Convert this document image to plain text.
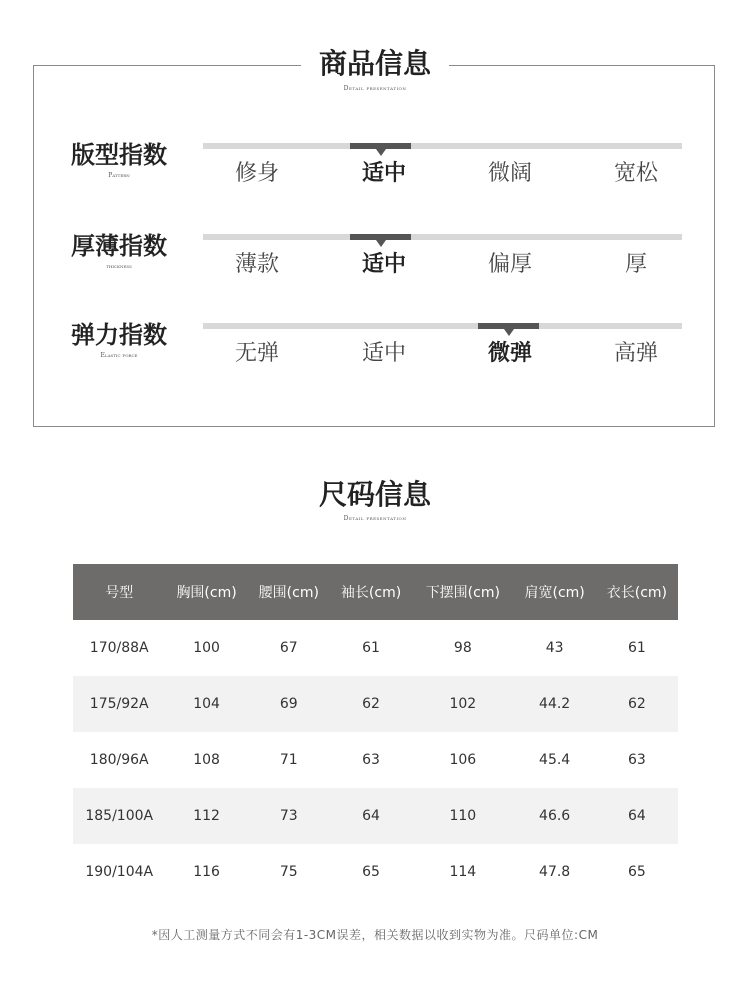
商品信息
Detail presentation
版型指数
Pattern	修身	适中	微阔	宽松
厚薄指数
thickness	薄款	适中	偏厚	厚
弹力指数
Elastic force	无弹	适中	微弹	高弹
尺码信息
Detail presentation
号型	胸围(cm)	腰围(cm)	袖长(cm)	下摆围(cm)	肩宽(cm)	衣长(cm)
170/88A	100	67	61	98	43	61
175/92A	104	69	62	102	44.2	62
180/96A	108	71	63	106	45.4	63
185/100A	112	73	64	110	46.6	64
190/104A	116	75	65	114	47.8	65
*因人工测量方式不同会有1-3CM误差，相关数据以收到实物为准。尺码单位:CM
